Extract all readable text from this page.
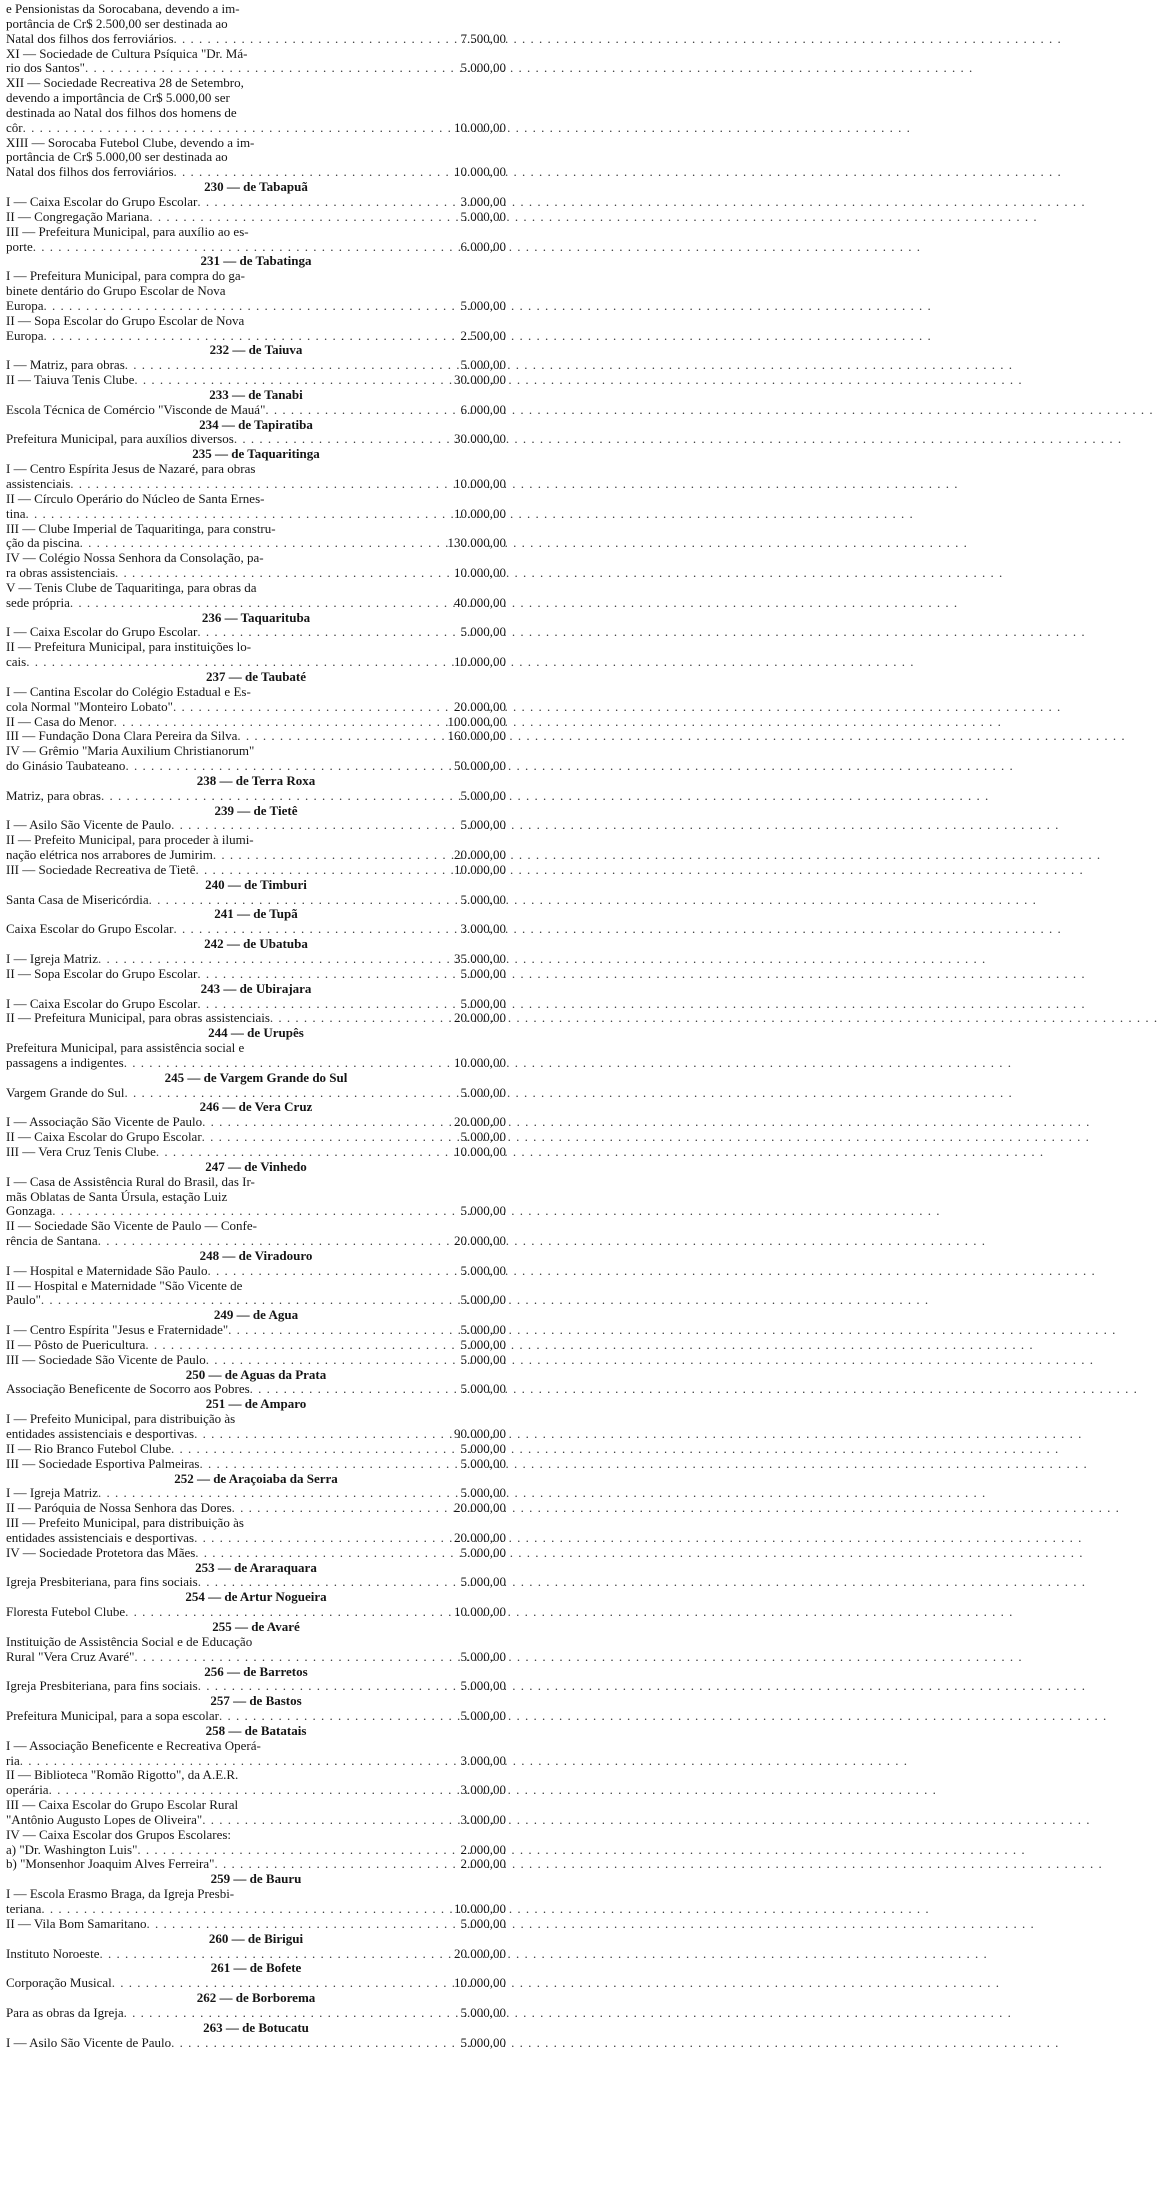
e Pensionistas da Sorocabana, devendo a im-
portância de Cr$ 2.500,00 ser destinada ao
Natal dos filhos dos ferroviários . . .	7.500,00
XI — Sociedade de Cultura Psíquica "Dr. Má-
rio dos Santos" . . .	5.000,00
XII — Sociedade Recreativa 28 de Setembro,
devendo a importância de Cr$ 5.000,00 ser
destinada ao Natal dos filhos dos homens de
côr . . .	10.000,00
XIII — Sorocaba Futebol Clube, devendo a im-
portância de Cr$ 5.000,00 ser destinada ao
Natal dos filhos dos ferroviários . . .	10.000,00
230 — de Tabapuã
I — Caixa Escolar do Grupo Escolar . . .	3.000,00
II — Congregação Mariana . . .	5.000,00
III — Prefeitura Municipal, para auxílio ao es-
porte . . .	6.000,00
231 — de Tabatinga
I — Prefeitura Municipal, para compra do ga-
binete dentário do Grupo Escolar de Nova
Europa . . .	5.000,00
II — Sopa Escolar do Grupo Escolar de Nova
Europa . . .	2.500,00
232 — de Taiuva
I — Matriz, para obras . . .	5.000,00
II — Taiuva Tenis Clube . . .	30.000,00
233 — de Tanabi
Escola Técnica de Comércio "Visconde de Mauá" . . .	6.000,00
234 — de Tapiratiba
Prefeitura Municipal, para auxílios diversos . . .	30.000,00
235 — de Taquaritinga
I — Centro Espírita Jesus de Nazaré, para obras
assistenciais . . .	10.000,00
II — Círculo Operário do Núcleo de Santa Ernes-
tina . . .	10.000,00
III — Clube Imperial de Taquaritinga, para constru-
ção da piscina . . .	130.000,00
IV — Colégio Nossa Senhora da Consolação, pa-
ra obras assistenciais . . .	10.000,00
V — Tenis Clube de Taquaritinga, para obras da
sede própria . . .	40.000,00
236 — Taquarituba
I — Caixa Escolar do Grupo Escolar . . .	5.000,00
II — Prefeitura Municipal, para instituições lo-
cais . . .	10.000,00
237 — de Taubaté
I — Cantina Escolar do Colégio Estadual e Es-
cola Normal "Monteiro Lobato" . . .	20.000,00
II — Casa do Menor . . .	100.000,00
III — Fundação Dona Clara Pereira da Silva . . .	160.000,00
IV — Grêmio "Maria Auxilium Christianorum"
do Ginásio Taubateano . . .	50.000,00
238 — de Terra Roxa
Matriz, para obras . . .	5.000,00
239 — de Tietê
I — Asilo São Vicente de Paulo . . .	5.000,00
II — Prefeito Municipal, para proceder à ilumi-
nação elétrica nos arrabores de Jumirim . . .	20.000,00
III — Sociedade Recreativa de Tietê . . .	10.000,00
240 — de Timburi
Santa Casa de Misericórdia . . .	5.000,00
241 — de Tupã
Caixa Escolar do Grupo Escolar . . .	3.000,00
242 — de Ubatuba
I — Igreja Matriz . . .	35.000,00
II — Sopa Escolar do Grupo Escolar . . .	5.000,00
243 — de Ubirajara
I — Caixa Escolar do Grupo Escolar . . .	5.000,00
II — Prefeitura Municipal, para obras assistenciais . . .	20.000,00
244 — de Urupês
Prefeitura Municipal, para assistência social e
passagens a indigentes . . .	10.000,00
245 — de Vargem Grande do Sul
Vargem Grande do Sul . . .	5.000,00
246 — de Vera Cruz
I — Associação São Vicente de Paulo . . .	20.000,00
II — Caixa Escolar do Grupo Escolar . . .	5.000,00
III — Vera Cruz Tenis Clube . . .	10.000,00
247 — de Vinhedo
I — Casa de Assistência Rural do Brasil, das Ir-
mãs Oblatas de Santa Úrsula, estação Luiz
Gonzaga . . .	5.000,00
II — Sociedade São Vicente de Paulo — Confe-
rência de Santana . . .	20.000,00
248 — de Viradouro
I — Hospital e Maternidade São Paulo . . .	5.000,00
II — Hospital e Maternidade "São Vicente de
Paulo" . . .	5.000,00
249 — de Agua
I — Centro Espírita "Jesus e Fraternidade" . . .	5.000,00
II — Pôsto de Puericultura . . .	5.000,00
III — Sociedade São Vicente de Paulo . . .	5.000,00
250 — de Aguas da Prata
Associação Beneficente de Socorro aos Pobres . . .	5.000,00
251 — de Amparo
I — Prefeito Municipal, para distribuição às
entidades assistenciais e desportivas . . .	90.000,00
II — Rio Branco Futebol Clube . . .	5.000,00
III — Sociedade Esportiva Palmeiras . . .	5.000,00
252 — de Araçoiaba da Serra
I — Igreja Matriz . . .	5.000,00
II — Paróquia de Nossa Senhora das Dores . . .	20.000,00
III — Prefeito Municipal, para distribuição às
entidades assistenciais e desportivas . . .	20.000,00
IV — Sociedade Protetora das Mães . . .	5.000,00
253 — de Araraquara
Igreja Presbiteriana, para fins sociais . . .	5.000,00
254 — de Artur Nogueira
Floresta Futebol Clube . . .	10.000,00
255 — de Avaré
Instituição de Assistência Social e de Educação
Rural "Vera Cruz Avaré" . . .	5.000,00
256 — de Barretos
Igreja Presbiteriana, para fins sociais . . .	5.000,00
257 — de Bastos
Prefeitura Municipal, para a sopa escolar . . .	5.000,00
258 — de Batatais
I — Associação Beneficente e Recreativa Operá-
ria . . .	3.000,00
II — Biblioteca "Romão Rigotto", da A.E.R.
operária . . .	3.000,00
III — Caixa Escolar do Grupo Escolar Rural
"Antônio Augusto Lopes de Oliveira" . . .	3.000,00
IV — Caixa Escolar dos Grupos Escolares:
a) "Dr. Washington Luis" . . .	2.000,00
b) "Monsenhor Joaquim Alves Ferreira" . . .	2.000,00
259 — de Bauru
I — Escola Erasmo Braga, da Igreja Presbi-
teriana . . .	10.000,00
II — Vila Bom Samaritano . . .	5.000,00
260 — de Birigui
Instituto Noroeste . . .	20.000,00
261 — de Bofete
Corporação Musical . . .	10.000,00
262 — de Borborema
Para as obras da Igreja . . .	5.000,00
263 — de Botucatu
I — Asilo São Vicente de Paulo . . .	5.000,00
